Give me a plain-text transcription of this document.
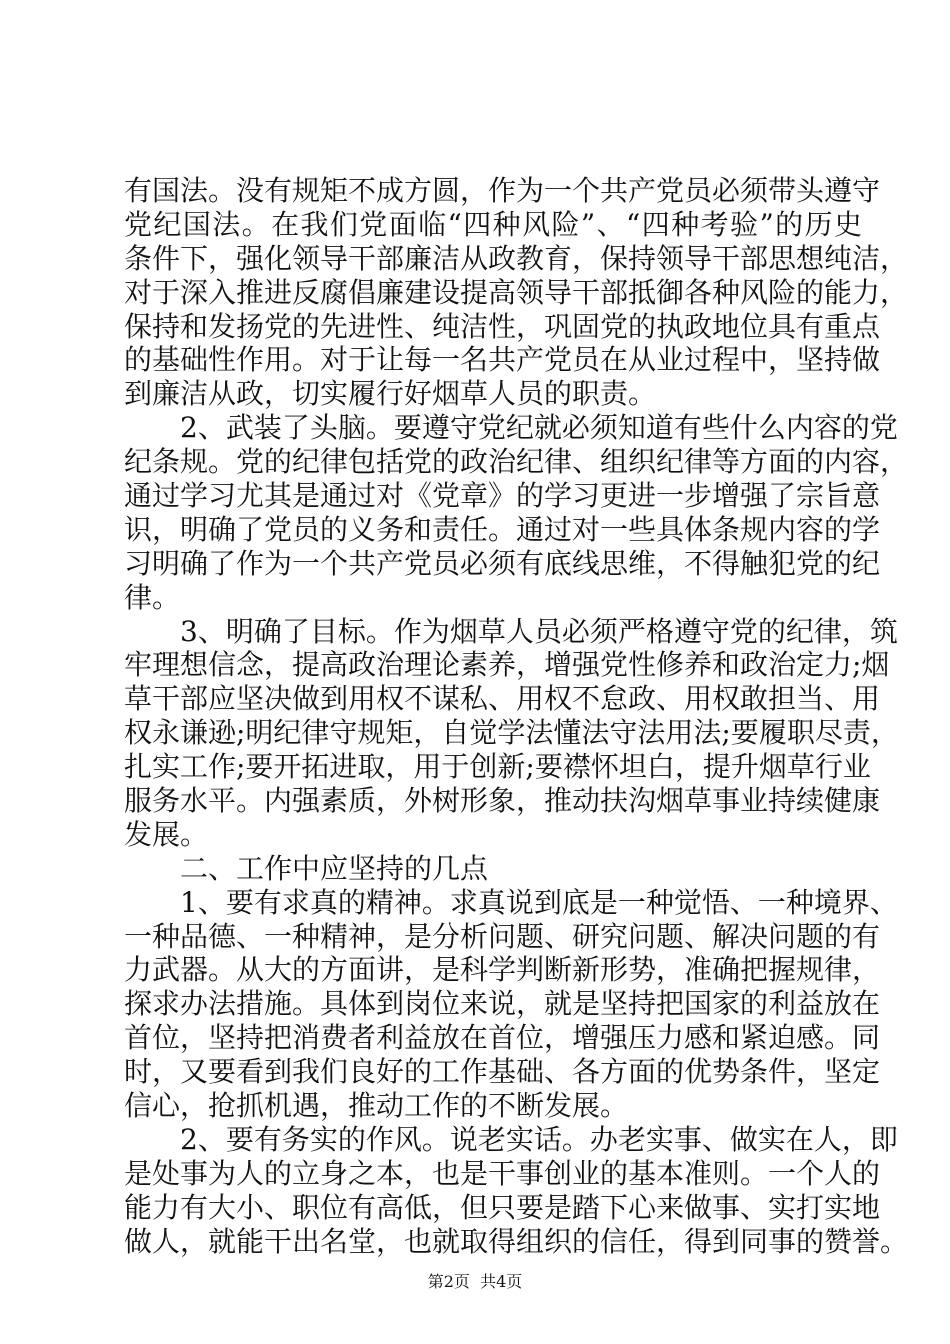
有国法。没有规矩不成方圆，作为一个共产党员必须带头遵守
党纪国法。在我们党面临“四种风险”、“四种考验”的历史
条件下，强化领导干部廉洁从政教育，保持领导干部思想纯洁，
对于深入推进反腐倡廉建设提高领导干部抵御各种风险的能力，
保持和发扬党的先进性、纯洁性，巩固党的执政地位具有重点
的基础性作用。对于让每一名共产党员在从业过程中，坚持做
到廉洁从政，切实履行好烟草人员的职责。
　　2、武装了头脑。要遵守党纪就必须知道有些什么内容的党
纪条规。党的纪律包括党的政治纪律、组织纪律等方面的内容，
通过学习尤其是通过对《党章》的学习更进一步增强了宗旨意
识，明确了党员的义务和责任。通过对一些具体条规内容的学
习明确了作为一个共产党员必须有底线思维，不得触犯党的纪
律。
　　3、明确了目标。作为烟草人员必须严格遵守党的纪律，筑
牢理想信念，提高政治理论素养，增强党性修养和政治定力;烟
草干部应坚决做到用权不谋私、用权不怠政、用权敢担当、用
权永谦逊;明纪律守规矩，自觉学法懂法守法用法;要履职尽责，
扎实工作;要开拓进取，用于创新;要襟怀坦白，提升烟草行业
服务水平。内强素质，外树形象，推动扶沟烟草事业持续健康
发展。
　　二、工作中应坚持的几点
　　1、要有求真的精神。求真说到底是一种觉悟、一种境界、
一种品德、一种精神，是分析问题、研究问题、解决问题的有
力武器。从大的方面讲，是科学判断新形势，准确把握规律，
探求办法措施。具体到岗位来说，就是坚持把国家的利益放在
首位，坚持把消费者利益放在首位，增强压力感和紧迫感。同
时，又要看到我们良好的工作基础、各方面的优势条件，坚定
信心，抢抓机遇，推动工作的不断发展。
　　2、要有务实的作风。说老实话。办老实事、做实在人，即
是处事为人的立身之本，也是干事创业的基本准则。一个人的
能力有大小、职位有高低，但只要是踏下心来做事、实打实地
做人，就能干出名堂，也就取得组织的信任，得到同事的赞誉。
第2页  共4页
